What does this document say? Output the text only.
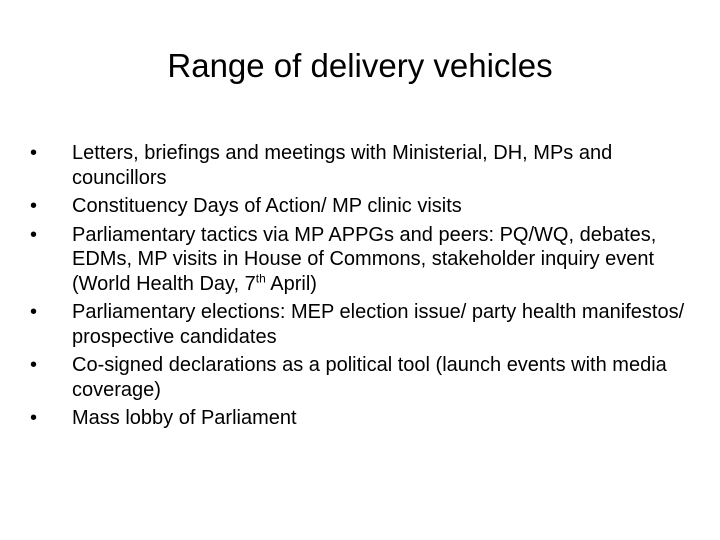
Range of delivery vehicles
•	Letters, briefings and meetings with Ministerial, DH, MPs and councillors
•	Constituency Days of Action/ MP clinic visits
•	Parliamentary tactics via MP APPGs and peers: PQ/WQ, debates, EDMs, MP visits in House of Commons, stakeholder inquiry event (World Health Day, 7th April)
•	Parliamentary elections: MEP election issue/ party health manifestos/ prospective candidates
•	Co-signed declarations as a political tool (launch events with media coverage)
•	Mass lobby of Parliament
